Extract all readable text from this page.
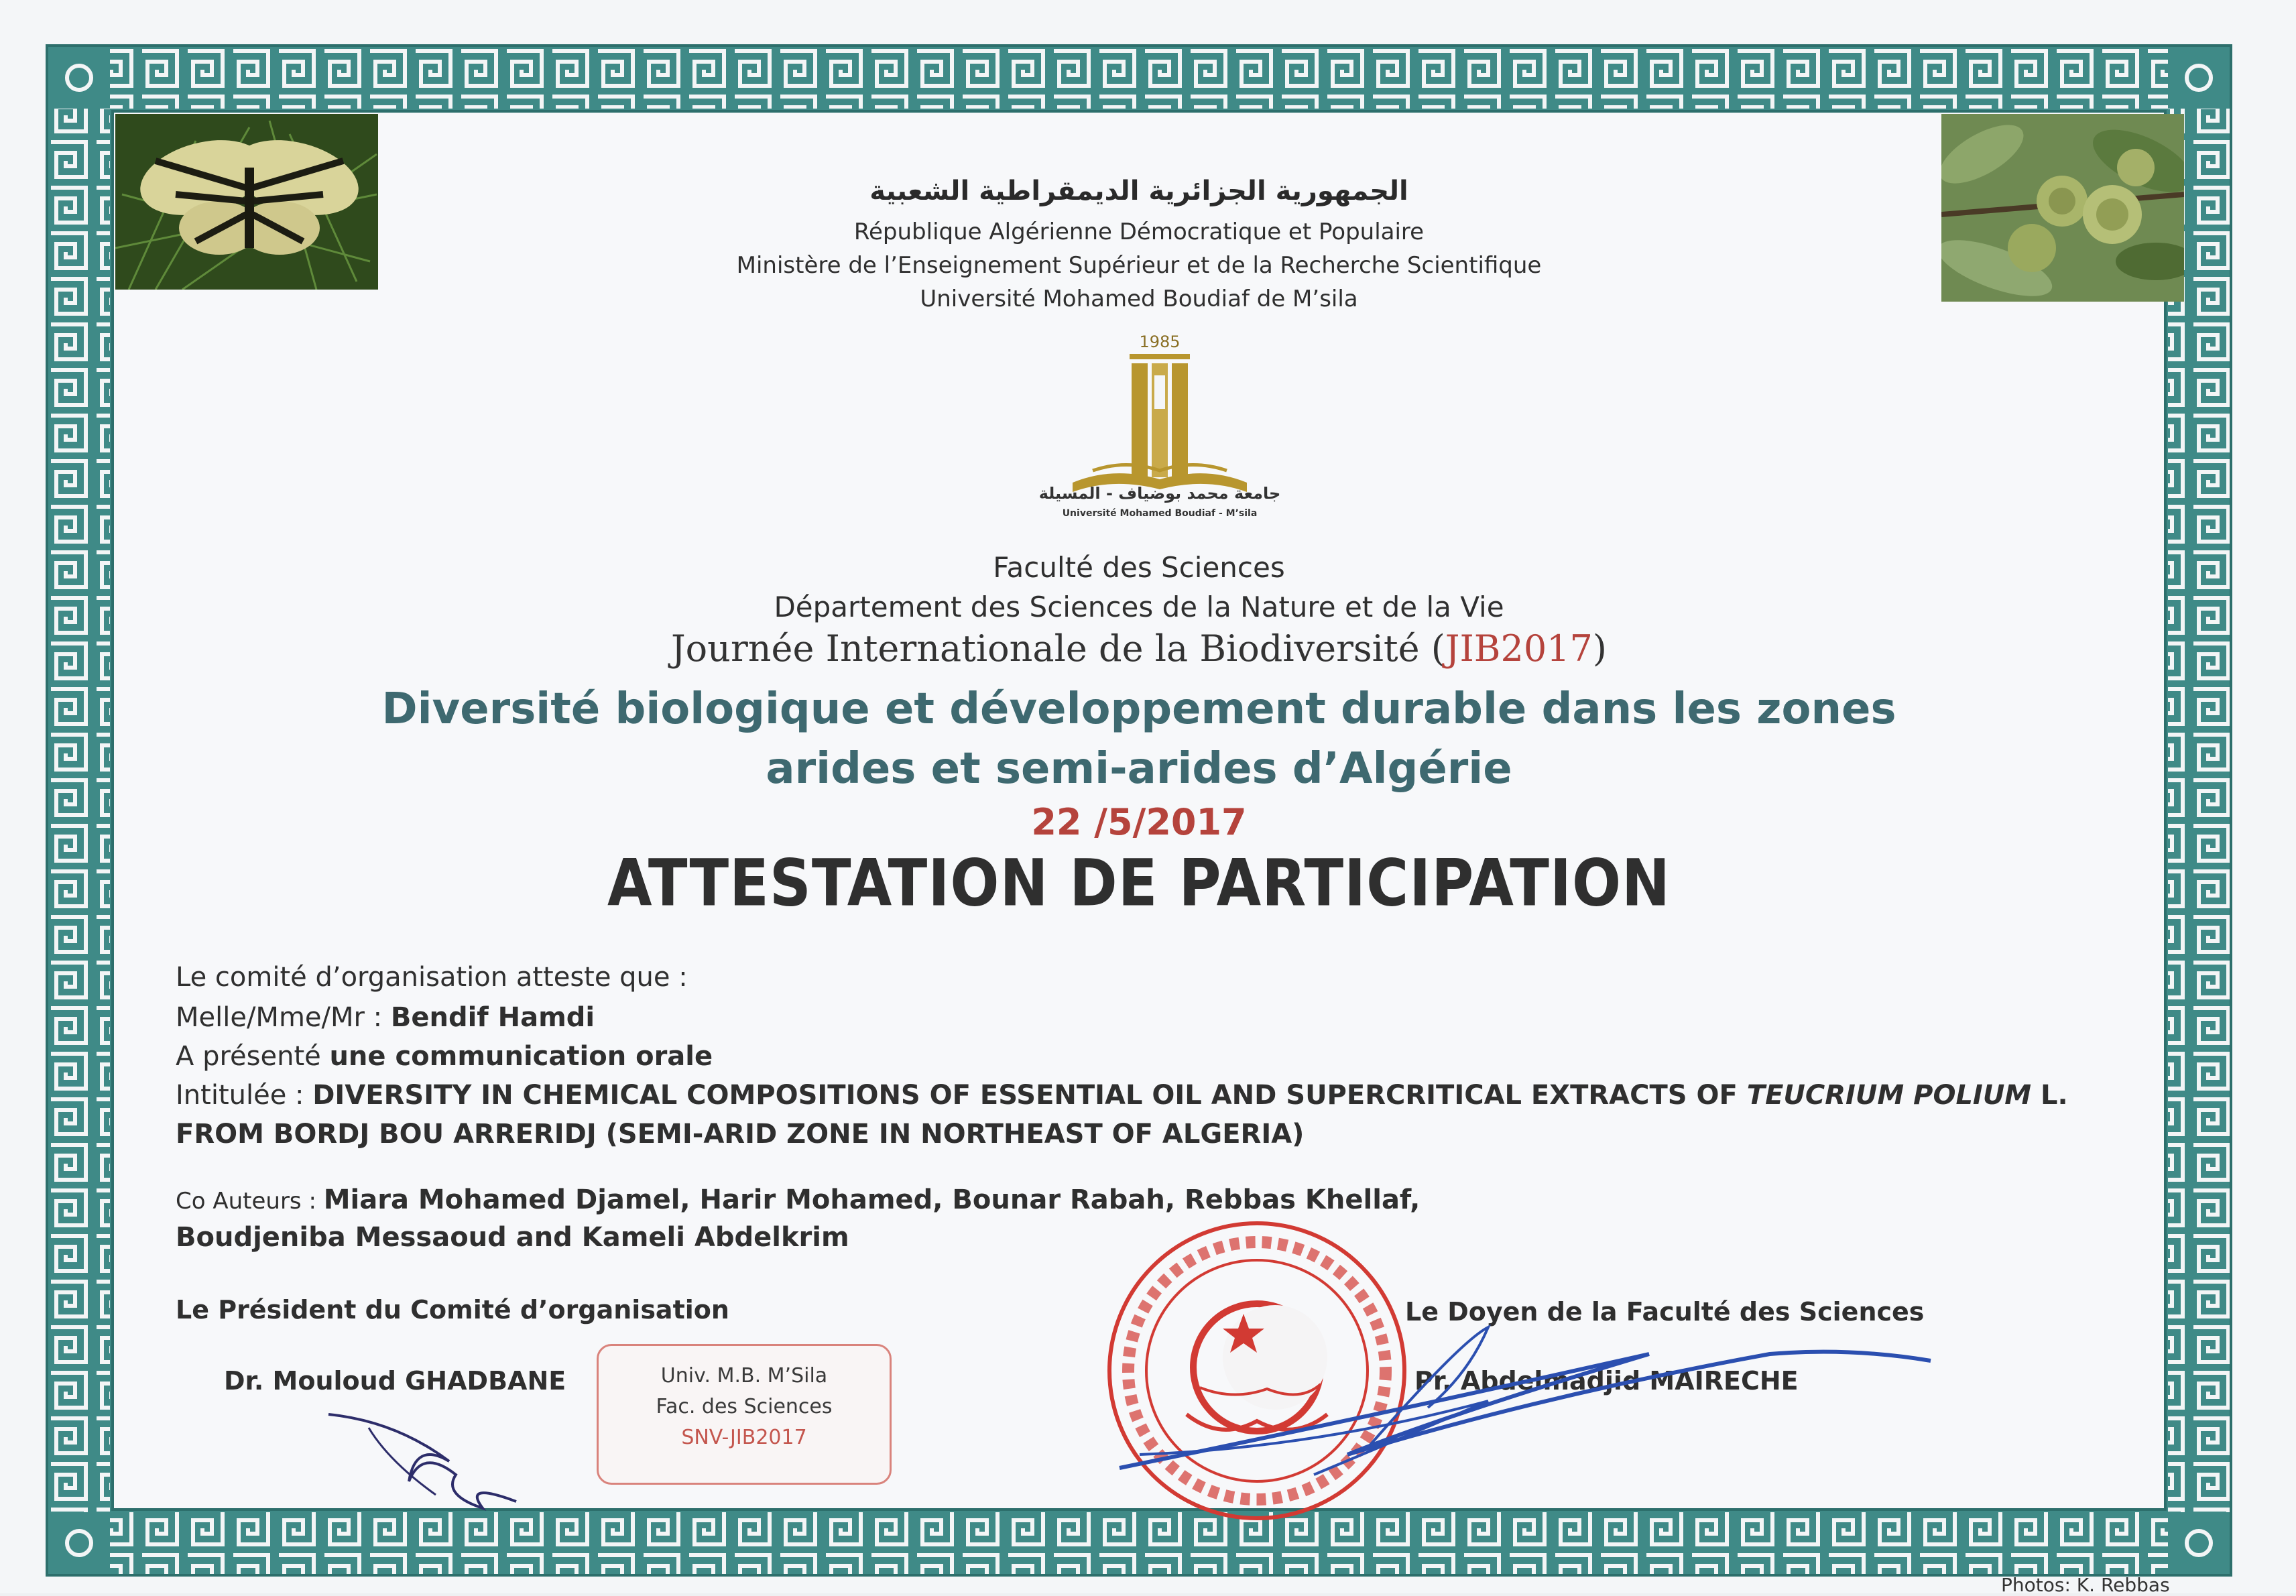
الجمهورية الجزائرية الديمقراطية الشعبية
République Algérienne Démocratique et Populaire
Ministère de l’Enseignement Supérieur et de la Recherche Scientifique
Université Mohamed Boudiaf de M’sila
1985
جامعة محمد بوضياف - المسيلة
Université Mohamed Boudiaf - M’sila
Faculté des Sciences
Département des Sciences de la Nature et de la Vie
Journée Internationale de la Biodiversité (JIB2017)
Diversité biologique et développement durable dans les zones
arides et semi-arides d’Algérie
22 /5/2017
ATTESTATION DE PARTICIPATION
Le comité d’organisation atteste que :
Melle/Mme/Mr : Bendif Hamdi
A présenté une communication orale
Intitulée : DIVERSITY IN CHEMICAL COMPOSITIONS OF ESSENTIAL OIL AND SUPERCRITICAL EXTRACTS OF TEUCRIUM POLIUM L.
FROM BORDJ BOU ARRERIDJ (SEMI-ARID ZONE IN NORTHEAST OF ALGERIA)
Co Auteurs : Miara Mohamed Djamel, Harir Mohamed, Bounar Rabah, Rebbas Khellaf,
Boudjeniba Messaoud and Kameli Abdelkrim
Le Président du Comité d’organisation
Dr. Mouloud GHADBANE
Le Doyen de la Faculté des Sciences
Pr. Abdelmadjid MAIRECHE
Univ. M.B. M’Sila
Fac. des Sciences
SNV-JIB2017
Photos: K. Rebbas
